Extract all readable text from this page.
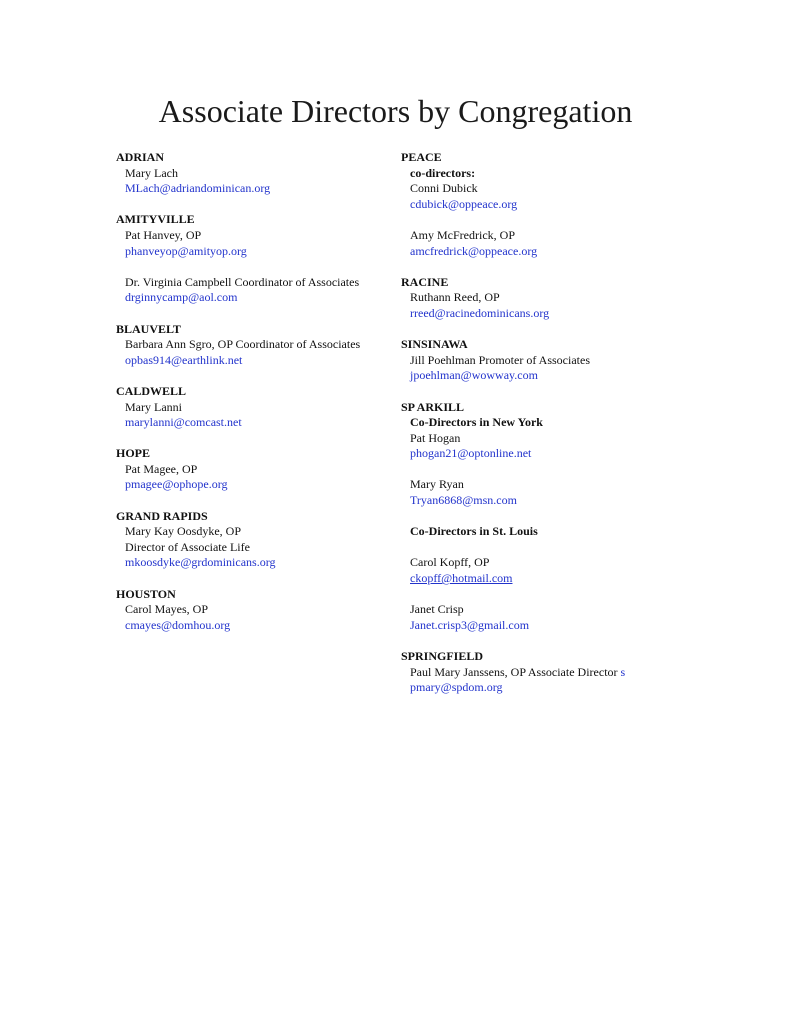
Associate Directors by Congregation
ADRIAN
Mary Lach
MLach@adriandominican.org
AMITYVILLE
Pat Hanvey, OP
phanveyop@amityop.org
Dr. Virginia Campbell Coordinator of Associates
drginnycamp@aol.com
BLAUVELT
Barbara Ann Sgro, OP Coordinator of Associates
opbas914@earthlink.net
CALDWELL
Mary Lanni
marylanni@comcast.net
HOPE
Pat Magee, OP
pmagee@ophope.org
GRAND RAPIDS
Mary Kay Oosdyke, OP
Director of Associate Life
mkoosdyke@grdominicans.org
HOUSTON
Carol Mayes, OP
cmayes@domhou.org
PEACE
co-directors:
Conni Dubick
cdubick@oppeace.org
Amy McFredrick, OP
amcfredrick@oppeace.org
RACINE
Ruthann Reed, OP
rreed@racinedominicans.org
SINSINAWA
Jill Poehlman Promoter of Associates
jpoehlman@wowway.com
SP ARKILL
Co-Directors in New York
Pat Hogan
phogan21@optonline.net
Mary Ryan
Tryan6868@msn.com
Co-Directors in St. Louis
Carol Kopff, OP
ckopff@hotmail.com
Janet Crisp
Janet.crisp3@gmail.com
SPRINGFIELD
Paul Mary Janssens, OP Associate Director s
pmary@spdom.org
